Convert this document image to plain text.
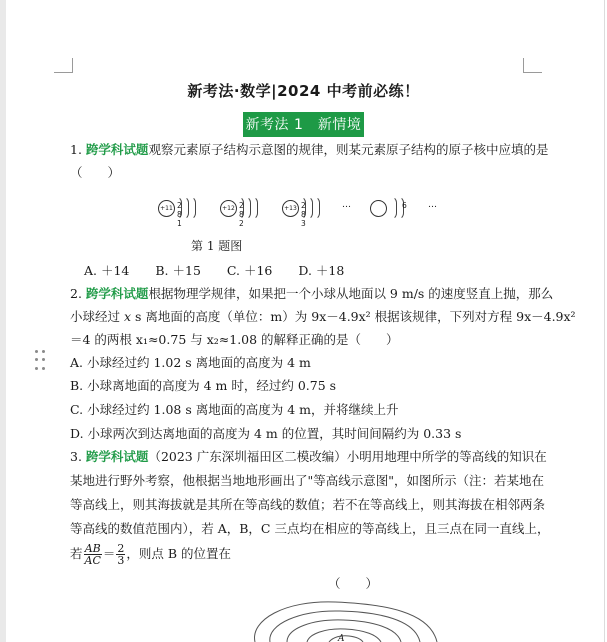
新考法·数学|2024 中考前必练！
新考法 1　新情境
1. 跨学科试题观察元素原子结构示意图的规律，则某元素原子结构的原子核中应填的是
（　　）
+11 2 8 1
+12 2 8 2
+13 2 8 3
…	6 …
第 1 题图
A. ＋14 B. ＋15 C. ＋16 D. ＋18
2. 跨学科试题根据物理学规律，如果把一个小球从地面以 9 m/s 的速度竖直上抛，那么
小球经过 x s 离地面的高度（单位：m）为 9x－4.9x² 根据该规律，下列对方程 9x－4.9x²
＝4 的两根 x₁≈0.75 与 x₂≈1.08 的解释正确的是（　　）
A. 小球经过约 1.02 s 离地面的高度为 4 m
B. 小球离地面的高度为 4 m 时，经过约 0.75 s
C. 小球经过约 1.08 s 离地面的高度为 4 m，并将继续上升
D. 小球两次到达离地面的高度为 4 m 的位置，其时间间隔约为 0.33 s
3. 跨学科试题（2023 广东深圳福田区二模改编）小明用地理中所学的等高线的知识在
某地进行野外考察，他根据当地地形画出了"等高线示意图"，如图所示（注：若某地在
等高线上，则其海拔就是其所在等高线的数值；若不在等高线上，则其海拔在相邻两条
等高线的数值范围内），若 A，B，C 三点均在相应的等高线上，且三点在同一直线上，
若 $\frac{AB}{AC} = \frac{2}{3}$ ，则点 B 的位置在
（　　）
A
